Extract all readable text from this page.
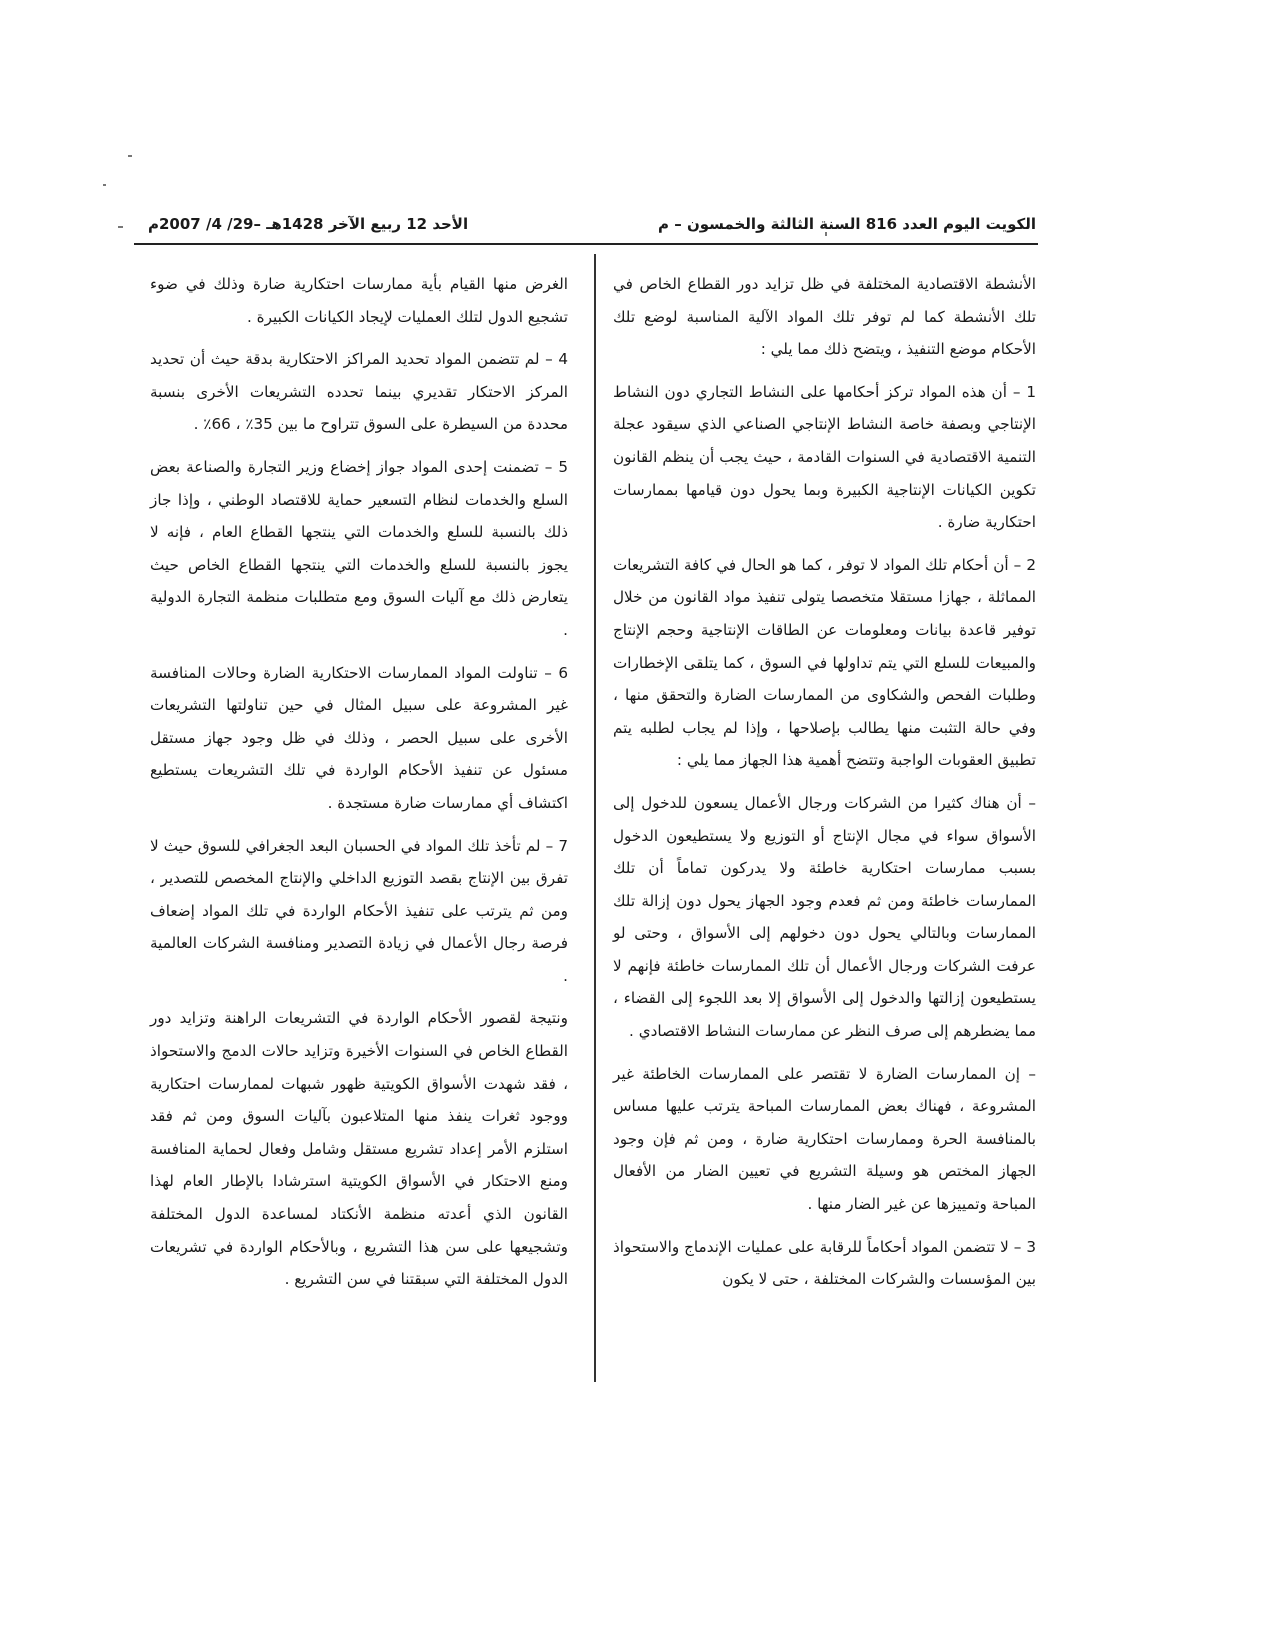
الكويت اليوم العدد 816 السنة الثالثة والخمسون – م
الأحد 12 ربيع الآخر 1428هـ –29/ 4/ 2007م

الأنشطة الاقتصادية المختلفة في ظل تزايد دور القطاع الخاص في تلك الأنشطة كما لم توفر تلك المواد الآلية المناسبة لوضع تلك الأحكام موضع التنفيذ ، ويتضح ذلك مما يلي :

1 – أن هذه المواد تركز أحكامها على النشاط التجاري دون النشاط الإنتاجي وبصفة خاصة النشاط الإنتاجي الصناعي الذي سيقود عجلة التنمية الاقتصادية في السنوات القادمة ، حيث يجب أن ينظم القانون تكوين الكيانات الإنتاجية الكبيرة وبما يحول دون قيامها بممارسات احتكارية ضارة .

2 – أن أحكام تلك المواد لا توفر ، كما هو الحال في كافة التشريعات المماثلة ، جهازا مستقلا متخصصا يتولى تنفيذ مواد القانون من خلال توفير قاعدة بيانات ومعلومات عن الطاقات الإنتاجية وحجم الإنتاج والمبيعات للسلع التي يتم تداولها في السوق ، كما يتلقى الإخطارات وطلبات الفحص والشكاوى من الممارسات الضارة والتحقق منها ، وفي حالة التثبت منها يطالب بإصلاحها ، وإذا لم يجاب لطلبه يتم تطبيق العقوبات الواجبة وتتضح أهمية هذا الجهاز مما يلي :

– أن هناك كثيرا من الشركات ورجال الأعمال يسعون للدخول إلى الأسواق سواء في مجال الإنتاج أو التوزيع ولا يستطيعون الدخول بسبب ممارسات احتكارية خاطئة ولا يدركون تماماً أن تلك الممارسات خاطئة ومن ثم فعدم وجود الجهاز يحول دون إزالة تلك الممارسات وبالتالي يحول دون دخولهم إلى الأسواق ، وحتى لو عرفت الشركات ورجال الأعمال أن تلك الممارسات خاطئة فإنهم لا يستطيعون إزالتها والدخول إلى الأسواق إلا بعد اللجوء إلى القضاء ، مما يضطرهم إلى صرف النظر عن ممارسات النشاط الاقتصادي .

– إن الممارسات الضارة لا تقتصر على الممارسات الخاطئة غير المشروعة ، فهناك بعض الممارسات المباحة يترتب عليها مساس بالمنافسة الحرة وممارسات احتكارية ضارة ، ومن ثم فإن وجود الجهاز المختص هو وسيلة التشريع في تعيين الضار من الأفعال المباحة وتمييزها عن غير الضار منها .

3 – لا تتضمن المواد أحكاماً للرقابة على عمليات الإندماج والاستحواذ بين المؤسسات والشركات المختلفة ، حتى لا يكون

الغرض منها القيام بأية ممارسات احتكارية ضارة وذلك في ضوء تشجيع الدول لتلك العمليات لإيجاد الكيانات الكبيرة .

4 – لم تتضمن المواد تحديد المراكز الاحتكارية بدقة حيث أن تحديد المركز الاحتكار تقديري بينما تحدده التشريعات الأخرى بنسبة محددة من السيطرة على السوق تتراوح ما بين 35٪ ، 66٪ .

5 – تضمنت إحدى المواد جواز إخضاع وزير التجارة والصناعة بعض السلع والخدمات لنظام التسعير حماية للاقتصاد الوطني ، وإذا جاز ذلك بالنسبة للسلع والخدمات التي ينتجها القطاع العام ، فإنه لا يجوز بالنسبة للسلع والخدمات التي ينتجها القطاع الخاص حيث يتعارض ذلك مع آليات السوق ومع متطلبات منظمة التجارة الدولية .

6 – تناولت المواد الممارسات الاحتكارية الضارة وحالات المنافسة غير المشروعة على سبيل المثال في حين تناولتها التشريعات الأخرى على سبيل الحصر ، وذلك في ظل وجود جهاز مستقل مسئول عن تنفيذ الأحكام الواردة في تلك التشريعات يستطيع اكتشاف أي ممارسات ضارة مستجدة .

7 – لم تأخذ تلك المواد في الحسبان البعد الجغرافي للسوق حيث لا تفرق بين الإنتاج بقصد التوزيع الداخلي والإنتاج المخصص للتصدير ، ومن ثم يترتب على تنفيذ الأحكام الواردة في تلك المواد إضعاف فرصة رجال الأعمال في زيادة التصدير ومنافسة الشركات العالمية .

ونتيجة لقصور الأحكام الواردة في التشريعات الراهنة وتزايد دور القطاع الخاص في السنوات الأخيرة وتزايد حالات الدمج والاستحواذ ، فقد شهدت الأسواق الكويتية ظهور شبهات لممارسات احتكارية ووجود ثغرات ينفذ منها المتلاعبون بآليات السوق ومن ثم فقد استلزم الأمر إعداد تشريع مستقل وشامل وفعال لحماية المنافسة ومنع الاحتكار في الأسواق الكويتية استرشادا بالإطار العام لهذا القانون الذي أعدته منظمة الأنكتاد لمساعدة الدول المختلفة وتشجيعها على سن هذا التشريع ، وبالأحكام الواردة في تشريعات الدول المختلفة التي سبقتنا في سن التشريع .
